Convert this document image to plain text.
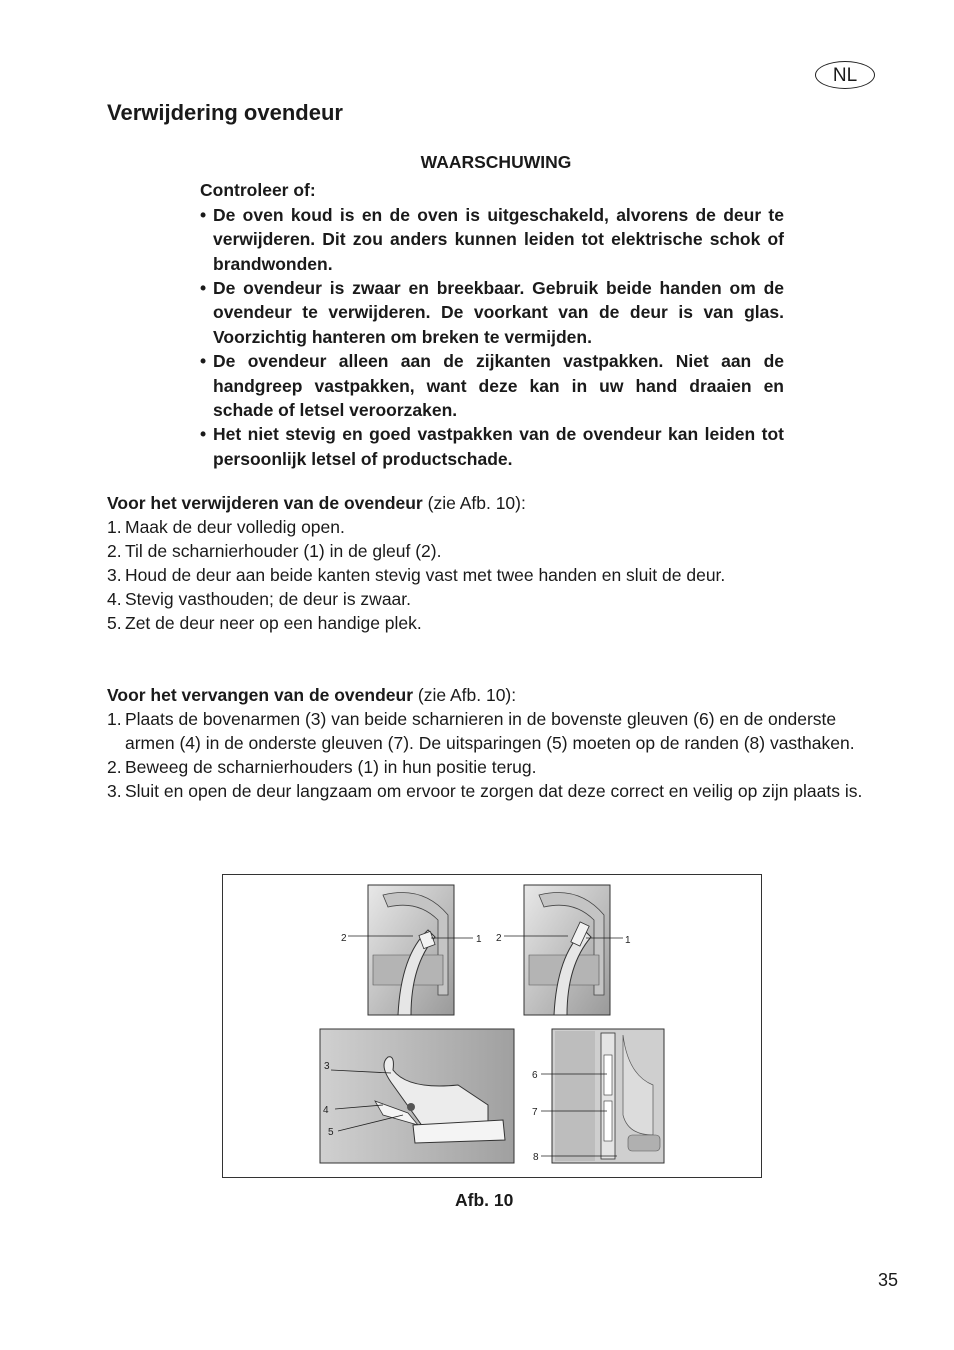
NL
Verwijdering ovendeur
WAARSCHUWING
Controleer of:
• De oven koud is en de oven is uitgeschakeld, alvorens de deur te verwijderen. Dit zou anders kunnen leiden tot elektrische schok of brandwonden.
• De ovendeur is zwaar en breekbaar. Gebruik beide handen om de ovendeur te verwijderen. De voorkant van de deur is van glas. Voorzichtig hanteren om breken te vermijden.
• De ovendeur alleen aan de zijkanten vastpakken. Niet aan de handgreep vastpakken, want deze kan in uw hand draaien en schade of letsel veroorzaken.
• Het niet stevig en goed vastpakken van de ovendeur kan leiden tot persoonlijk letsel of productschade.
Voor het verwijderen van de ovendeur (zie Afb. 10):
1. Maak de deur volledig open.
2. Til de scharnierhouder (1) in de gleuf (2).
3. Houd de deur aan beide kanten stevig vast met twee handen en sluit de deur.
4. Stevig vasthouden; de deur is zwaar.
5. Zet de deur neer op een handige plek.
Voor het vervangen van de ovendeur (zie Afb. 10):
1. Plaats de bovenarmen (3) van beide scharnieren in de bovenste gleuven (6) en de onderste armen (4) in de onderste gleuven (7). De uitsparingen (5) moeten op de randen (8) vasthaken.
2. Beweeg de scharnierhouders (1) in hun positie terug.
3. Sluit en open de deur langzaam om ervoor te zorgen dat deze correct en veilig op zijn plaats is.
2	1 2	1
3
4
5
6
7
8
Afb. 10
35
